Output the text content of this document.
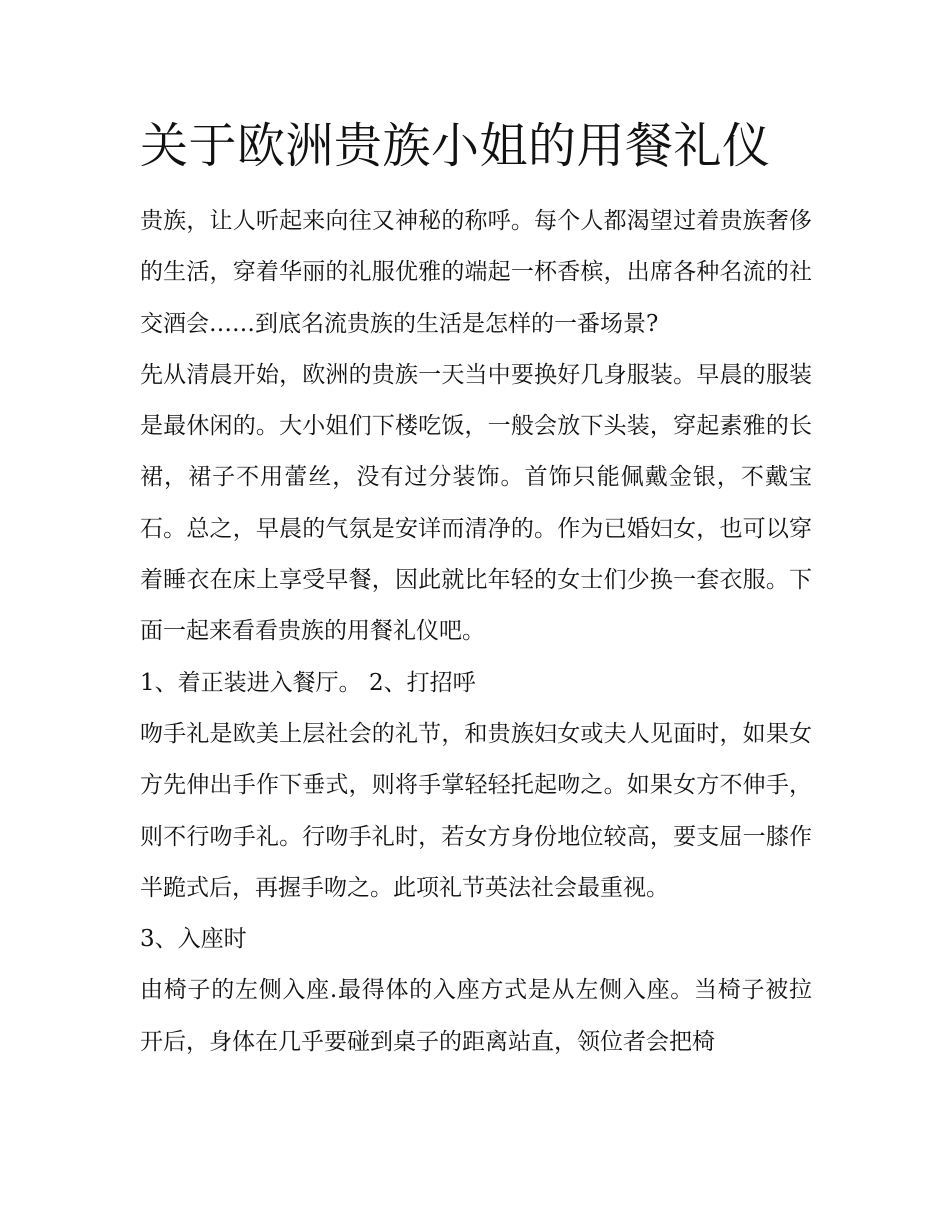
关于欧洲贵族小姐的用餐礼仪

贵族，让人听起来向往又神秘的称呼。每个人都渴望过着贵族奢侈的生活，穿着华丽的礼服优雅的端起一杯香槟，出席各种名流的社交酒会……到底名流贵族的生活是怎样的一番场景?

先从清晨开始，欧洲的贵族一天当中要换好几身服装。早晨的服装是最休闲的。大小姐们下楼吃饭，一般会放下头装，穿起素雅的长裙，裙子不用蕾丝，没有过分装饰。首饰只能佩戴金银，不戴宝石。总之，早晨的气氛是安详而清净的。作为已婚妇女，也可以穿着睡衣在床上享受早餐，因此就比年轻的女士们少换一套衣服。下面一起来看看贵族的用餐礼仪吧。

1、着正装进入餐厅。 2、打招呼

吻手礼是欧美上层社会的礼节，和贵族妇女或夫人见面时，如果女方先伸出手作下垂式，则将手掌轻轻托起吻之。如果女方不伸手，则不行吻手礼。行吻手礼时，若女方身份地位较高，要支屈一膝作半跪式后，再握手吻之。此项礼节英法社会最重视。

3、入座时

由椅子的左侧入座.最得体的入座方式是从左侧入座。当椅子被拉开后，身体在几乎要碰到桌子的距离站直，领位者会把椅
